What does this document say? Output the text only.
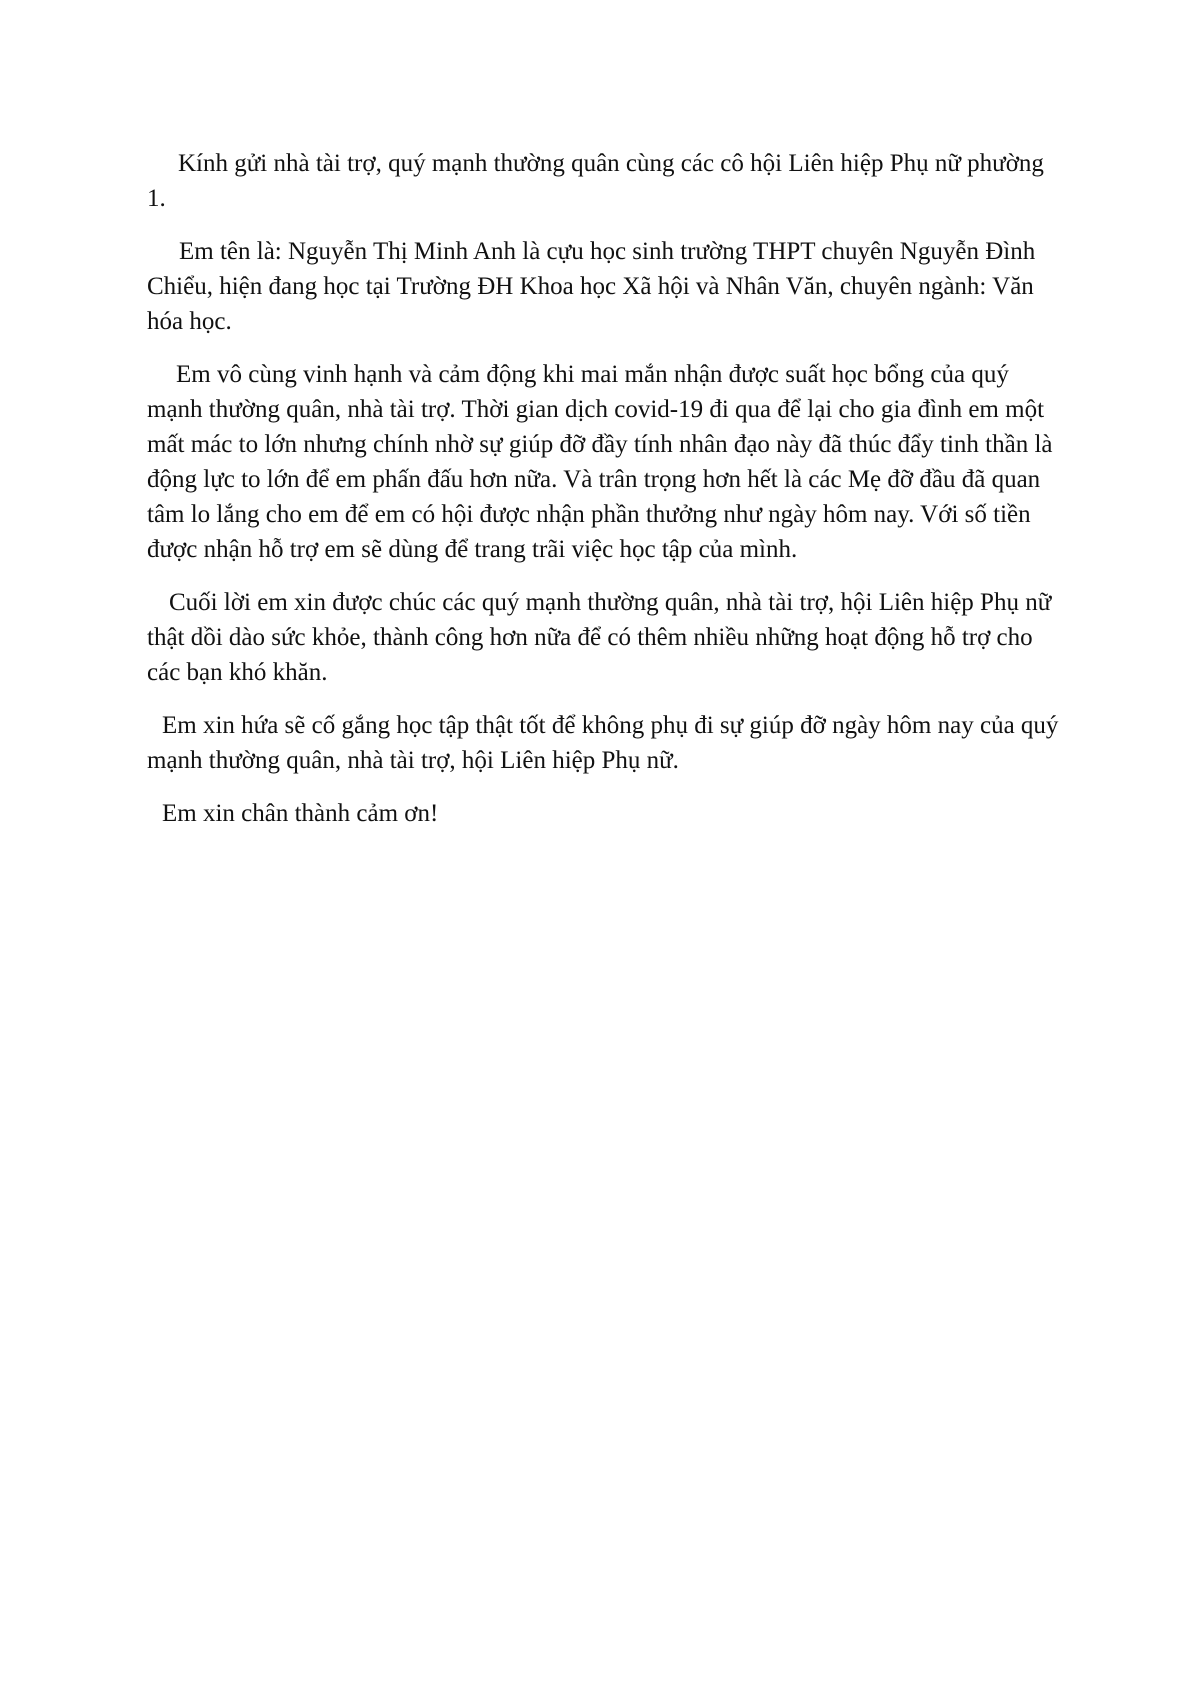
Kính gửi nhà tài trợ, quý mạnh thường quân cùng các cô hội Liên hiệp Phụ nữ phường 1.

Em tên là: Nguyễn Thị Minh Anh là cựu học sinh trường THPT chuyên Nguyễn Đình Chiểu, hiện đang học tại Trường ĐH Khoa học Xã hội và Nhân Văn, chuyên ngành: Văn hóa học.

Em vô cùng vinh hạnh và cảm động khi mai mắn nhận được suất học bổng của quý mạnh thường quân, nhà tài trợ. Thời gian dịch covid-19 đi qua để lại cho gia đình em một mất mác to lớn nhưng chính nhờ sự giúp đỡ đầy tính nhân đạo này đã thúc đẩy tinh thần là động lực to lớn để em phấn đấu hơn nữa. Và trân trọng hơn hết là các Mẹ đỡ đầu đã quan tâm lo lắng cho em để em có hội được nhận phần thưởng như ngày hôm nay. Với số tiền được nhận hỗ trợ em sẽ dùng để trang trãi việc học tập của mình.

Cuối lời em xin được chúc các quý mạnh thường quân, nhà tài trợ, hội Liên hiệp Phụ nữ thật dồi dào sức khỏe, thành công hơn nữa để có thêm nhiều những hoạt động hỗ trợ cho các bạn khó khăn.

Em xin hứa sẽ cố gắng học tập thật tốt để không phụ đi sự giúp đỡ ngày hôm nay của quý mạnh thường quân, nhà tài trợ, hội Liên hiệp Phụ nữ.

Em xin chân thành cảm ơn!
